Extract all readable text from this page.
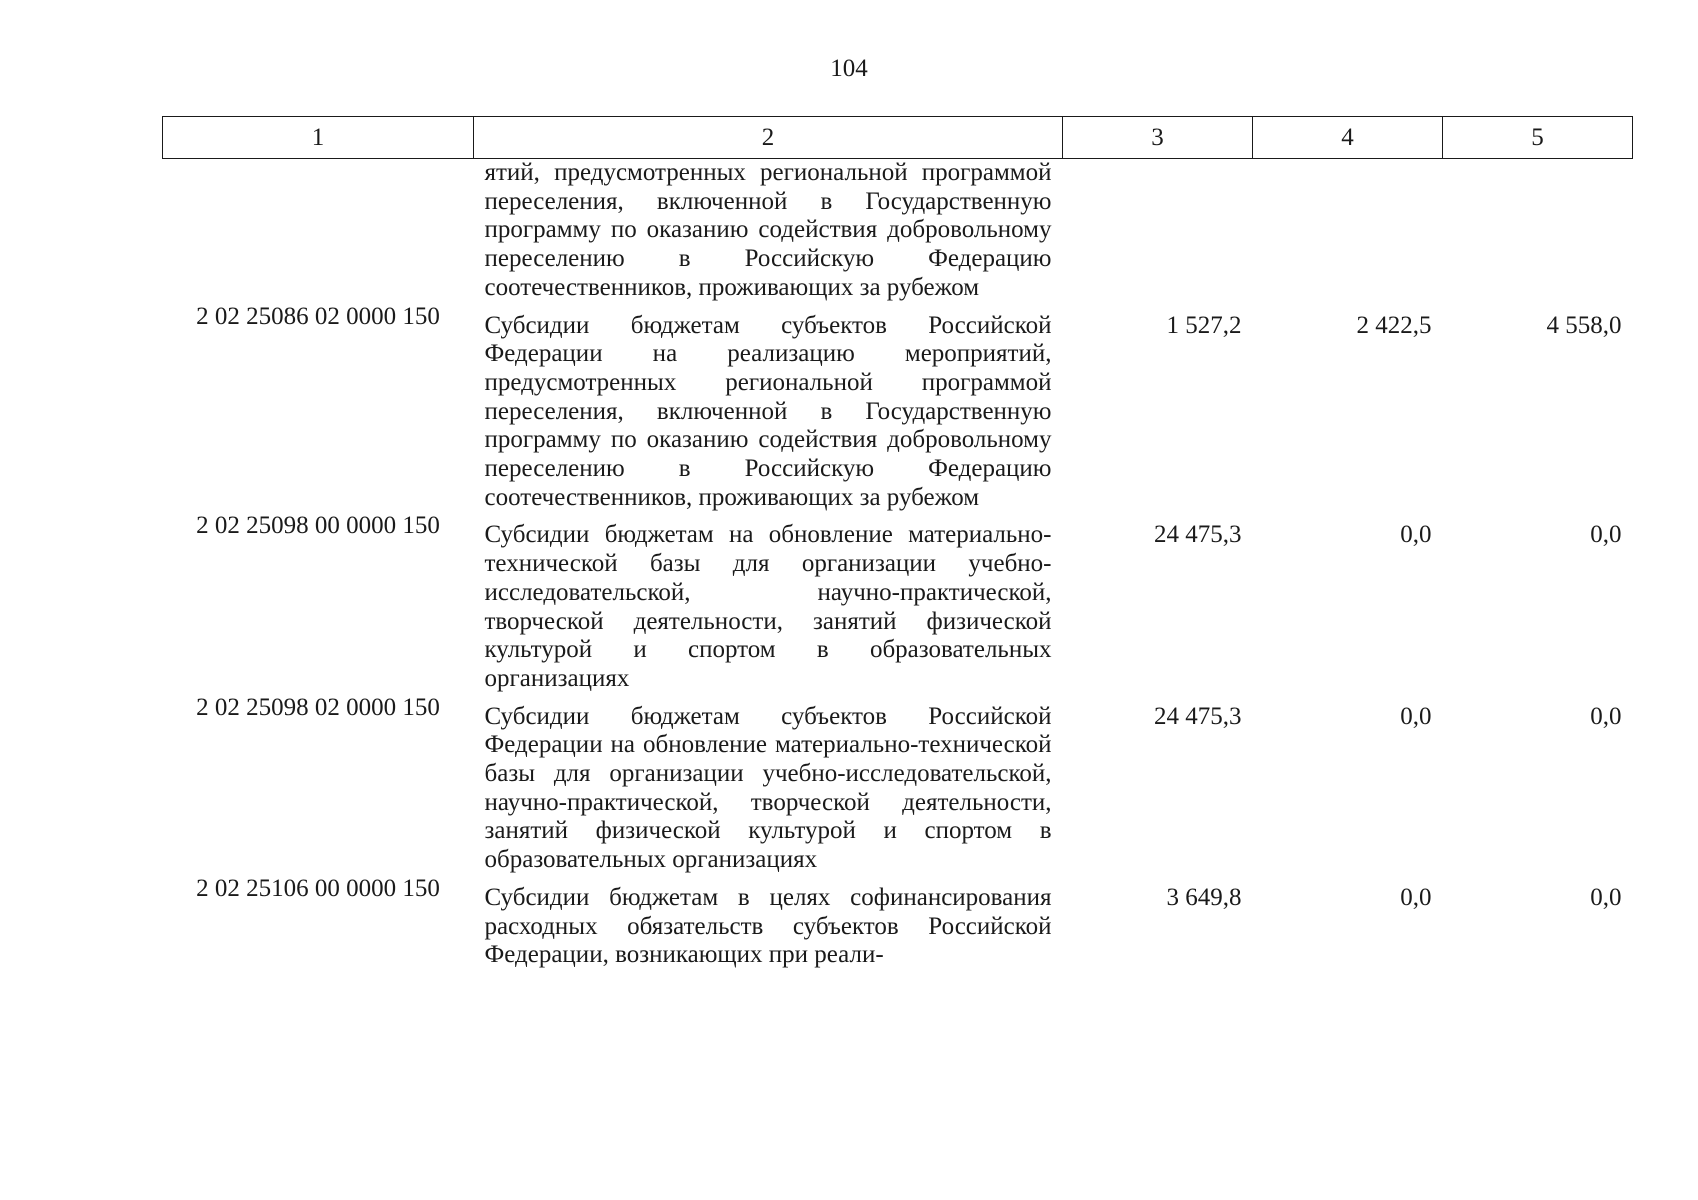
104
1	2	3	4	5
	ятий, предусмотренных региональной программой переселения, включенной в Государственную программу по оказанию содействия добровольному переселению в Российскую Федерацию соотечественников, проживающих за рубежом			
2 02 25086 02 0000 150	Субсидии бюджетам субъектов Российской Федерации на реализацию мероприятий, предусмотренных региональной программой переселения, включенной в Государственную программу по оказанию содействия добровольному переселению в Российскую Федерацию соотечественников, проживающих за рубежом	1 527,2	2 422,5	4 558,0
2 02 25098 00 0000 150	Субсидии бюджетам на обновление материально-технической базы для организации учебно-исследовательской, научно-практической, творческой деятельности, занятий физической культурой и спортом в образовательных организациях	24 475,3	0,0	0,0
2 02 25098 02 0000 150	Субсидии бюджетам субъектов Российской Федерации на обновление материально-технической базы для организации учебно-исследовательской, научно-практической, творческой деятельности, занятий физической культурой и спортом в образовательных организациях	24 475,3	0,0	0,0
2 02 25106 00 0000 150	Субсидии бюджетам в целях софинансирования расходных обязательств субъектов Российской Федерации, возникающих при реали-	3 649,8	0,0	0,0
